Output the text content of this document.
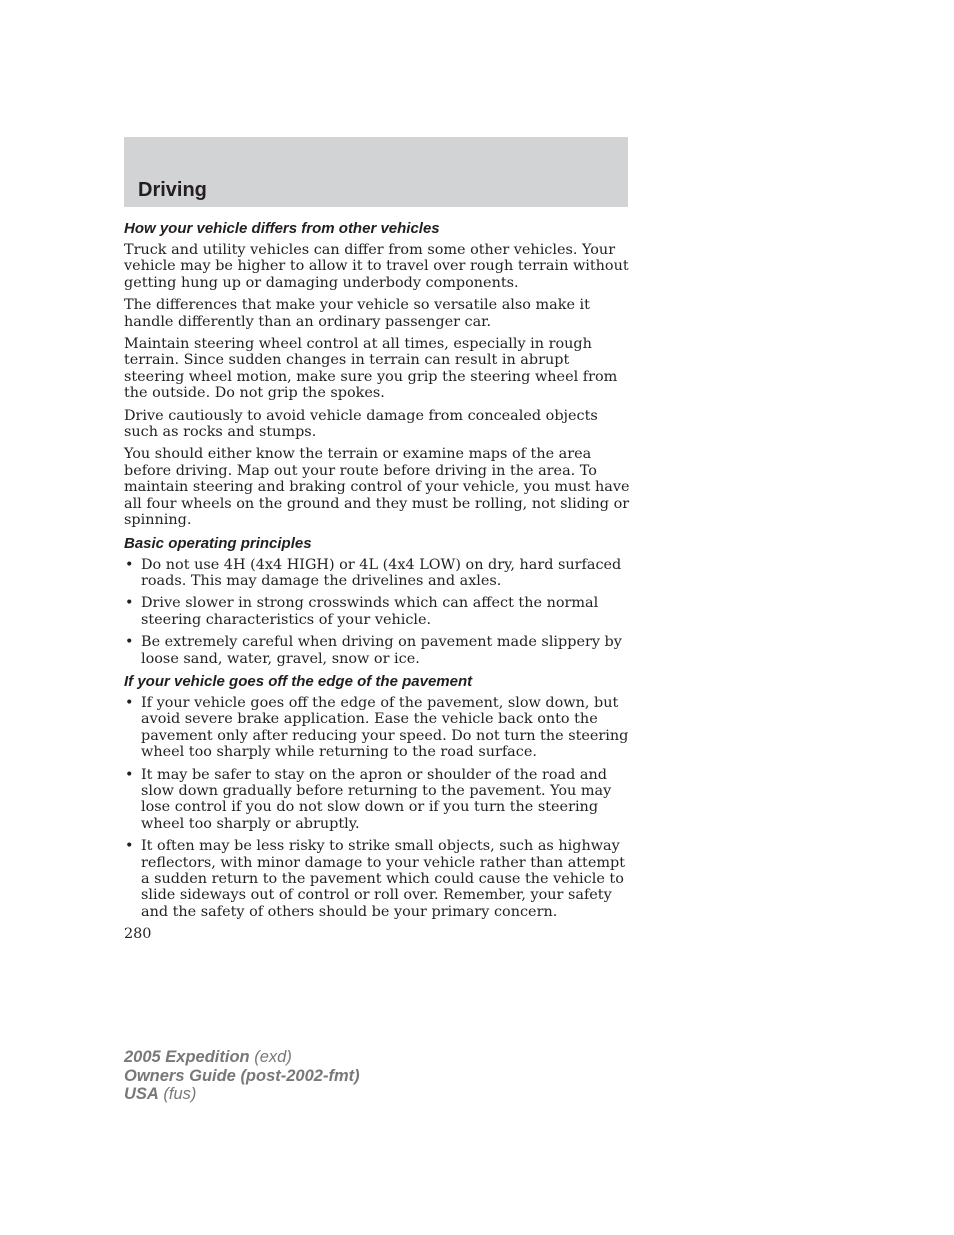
Driving
How your vehicle differs from other vehicles

Truck and utility vehicles can differ from some other vehicles. Your vehicle may be higher to allow it to travel over rough terrain without getting hung up or damaging underbody components.

The differences that make your vehicle so versatile also make it handle differently than an ordinary passenger car.

Maintain steering wheel control at all times, especially in rough terrain. Since sudden changes in terrain can result in abrupt steering wheel motion, make sure you grip the steering wheel from the outside. Do not grip the spokes.

Drive cautiously to avoid vehicle damage from concealed objects such as rocks and stumps.

You should either know the terrain or examine maps of the area before driving. Map out your route before driving in the area. To maintain steering and braking control of your vehicle, you must have all four wheels on the ground and they must be rolling, not sliding or spinning.

Basic operating principles
• Do not use 4H (4x4 HIGH) or 4L (4x4 LOW) on dry, hard surfaced roads. This may damage the drivelines and axles.
• Drive slower in strong crosswinds which can affect the normal steering characteristics of your vehicle.
• Be extremely careful when driving on pavement made slippery by loose sand, water, gravel, snow or ice.
If your vehicle goes off the edge of the pavement
• If your vehicle goes off the edge of the pavement, slow down, but avoid severe brake application. Ease the vehicle back onto the pavement only after reducing your speed. Do not turn the steering wheel too sharply while returning to the road surface.
• It may be safer to stay on the apron or shoulder of the road and slow down gradually before returning to the pavement. You may lose control if you do not slow down or if you turn the steering wheel too sharply or abruptly.
• It often may be less risky to strike small objects, such as highway reflectors, with minor damage to your vehicle rather than attempt a sudden return to the pavement which could cause the vehicle to slide sideways out of control or roll over. Remember, your safety and the safety of others should be your primary concern.
280
2005 Expedition (exd)
Owners Guide (post-2002-fmt)
USA (fus)
